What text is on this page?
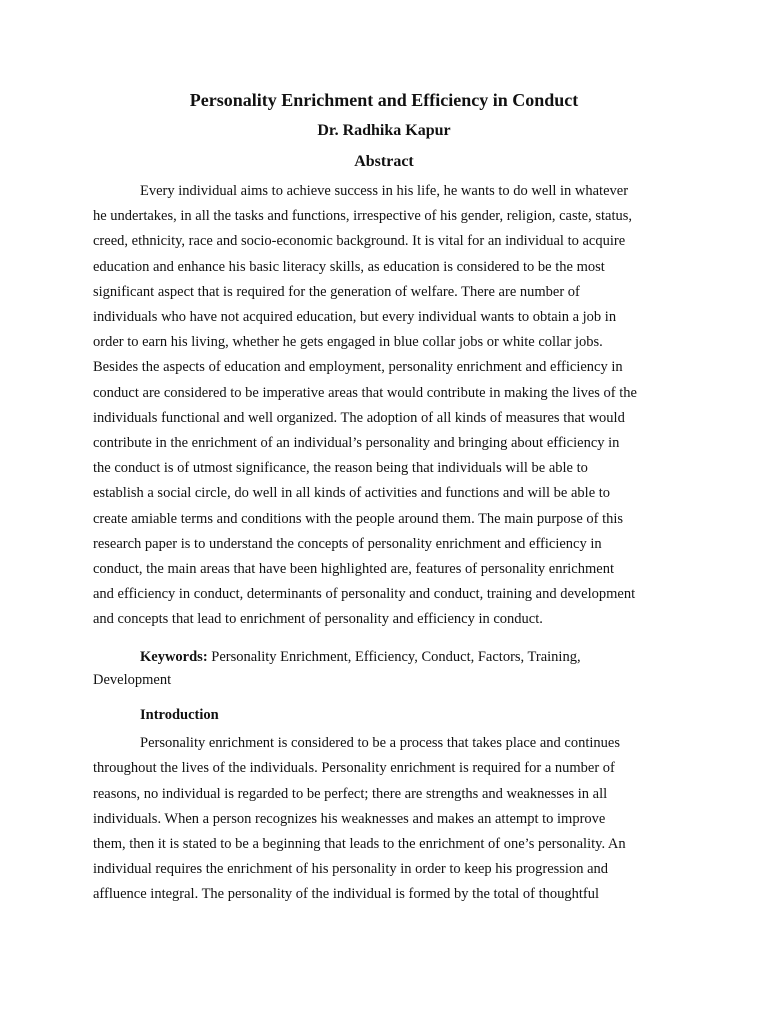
Personality Enrichment and Efficiency in Conduct
Dr. Radhika Kapur
Abstract
Every individual aims to achieve success in his life, he wants to do well in whatever
he undertakes, in all the tasks and functions, irrespective of his gender, religion, caste, status,
creed, ethnicity, race and socio-economic background. It is vital for an individual to acquire
education and enhance his basic literacy skills, as education is considered to be the most
significant aspect that is required for the generation of welfare. There are number of
individuals who have not acquired education, but every individual wants to obtain a job in
order to earn his living, whether he gets engaged in blue collar jobs or white collar jobs.
Besides the aspects of education and employment, personality enrichment and efficiency in
conduct are considered to be imperative areas that would contribute in making the lives of the
individuals functional and well organized. The adoption of all kinds of measures that would
contribute in the enrichment of an individual’s personality and bringing about efficiency in
the conduct is of utmost significance, the reason being that individuals will be able to
establish a social circle, do well in all kinds of activities and functions and will be able to
create amiable terms and conditions with the people around them. The main purpose of this
research paper is to understand the concepts of personality enrichment and efficiency in
conduct, the main areas that have been highlighted are, features of personality enrichment
and efficiency in conduct, determinants of personality and conduct, training and development
and concepts that lead to enrichment of personality and efficiency in conduct.
Keywords: Personality Enrichment, Efficiency, Conduct, Factors, Training,
Development
Introduction
Personality enrichment is considered to be a process that takes place and continues
throughout the lives of the individuals. Personality enrichment is required for a number of
reasons, no individual is regarded to be perfect; there are strengths and weaknesses in all
individuals. When a person recognizes his weaknesses and makes an attempt to improve
them, then it is stated to be a beginning that leads to the enrichment of one’s personality. An
individual requires the enrichment of his personality in order to keep his progression and
affluence integral. The personality of the individual is formed by the total of thoughtful
